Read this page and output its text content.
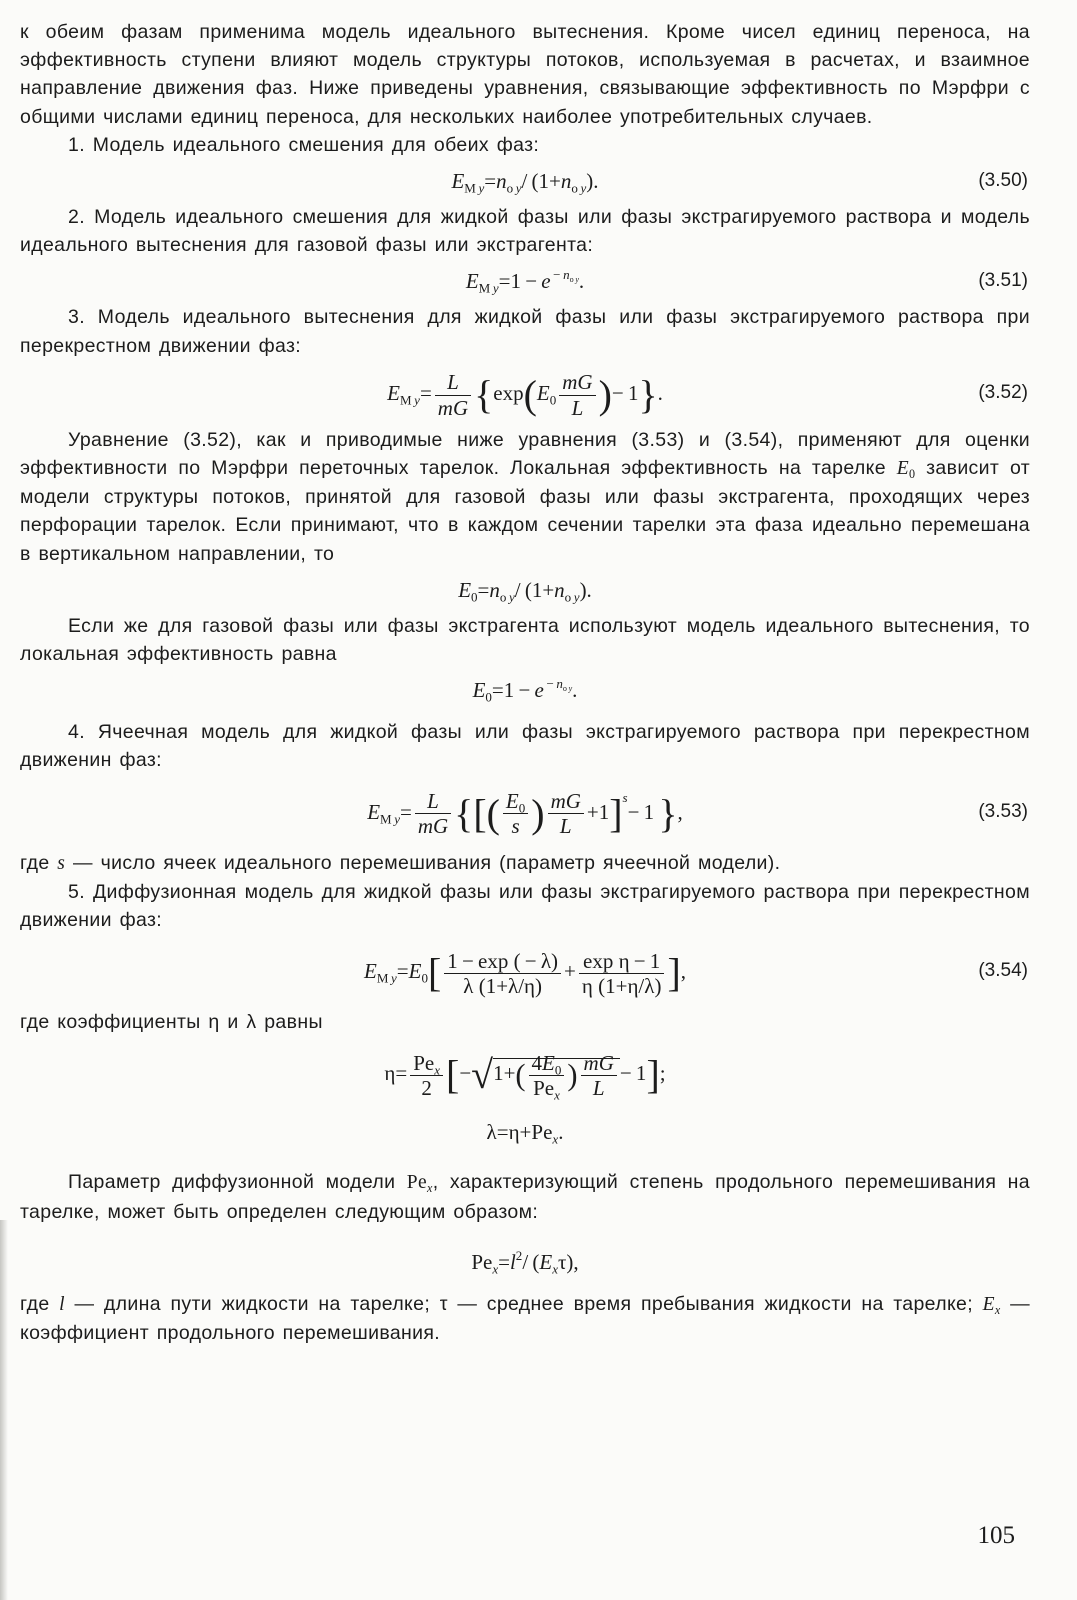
к обеим фазам применима модель идеального вытеснения. Кроме чисел единиц переноса, на эффективность ступени влияют модель структуры потоков, используемая в расчетах, и взаимное направление движения фаз. Ниже приведены уравнения, связывающие эффективность по Мэрфри с общими числами единиц переноса, для нескольких наиболее употребительных случаев.

1. Модель идеального смешения для обеих фаз:

$E_{M y}=n_{o y}/$ $(1+n_{o y})$.	(3.50)

2. Модель идеального смешения для жидкой фазы или фазы экстрагируемого раствора и модель идеального вытеснения для газовой фазы или экстрагента:

$E_{M y}=1 - e$ $^{- n_{o y}}$.	(3.51)

3. Модель идеального вытеснения для жидкой фазы или фазы экстрагируемого раствора при перекрестном движении фаз:

$E_{M y}= \frac{L}{mG} \{\exp(E_0 \frac{mG}{L}$ )− 1}.	(3.52)

Уравнение (3.52), как и приводимые ниже уравнения (3.53) и (3.54), применяют для оценки эффективности по Мэрфри переточных тарелок. Локальная эффективность на тарелке $E_0$ зависит от модели структуры потоков, принятой для газовой фазы или фазы экстрагента, проходящих через перфорации тарелок. Если принимают, что в каждом сечении тарелки эта фаза идеально перемешана в вертикальном направлении, то

$E_0=n_{o y}/$ $(1+n_{o y})$.

Если же для газовой фазы или фазы экстрагента используют модель идеального вытеснения, то локальная эффективность равна

$E_0=1 - e$ $^{- n_{o y}}$.

4. Ячеечная модель для жидкой фазы или фазы экстрагируемого раствора при перекрестном движенин фаз:

$E_{M y}= \frac{L}{mG}$ {[( $\frac{E_0}{s}$ ) $\frac{mG}{L} +1]^s- 1$ },	(3.53)

где s — число ячеек идеального перемешивания (параметр ячеечной модели).

5. Диффузионная модель для жидкой фазы или фазы экстрагируемого раствора при перекрестном движении фаз:

$E_{M y}=E_0[ \frac{1 - \exp ( - \lambda)}{\lambda (1+\lambda/\eta)} + \frac{\text{exp η − 1}}{\eta (1+\eta/\lambda)}$ ],	(3.54)

где коэффициенты η и λ равны

$\eta= \frac{Pe_x}{2} [-√1+( \frac{4E_0}{Pe_x}$ ) $\frac{mG}{L} - 1$];
$\lambda=\eta+Pe_x$.

Параметр диффузионной модели $Pe_x$, характеризующий степень продольного перемешивания на тарелке, может быть определен следующим образом:

$Pe_x=l^2/$ $(E_x\tau)$,

где l — длина пути жидкости на тарелке; τ — среднее время пребывания жидкости на тарелке; $E_x$ — коэффициент продольного перемешивания.

105
